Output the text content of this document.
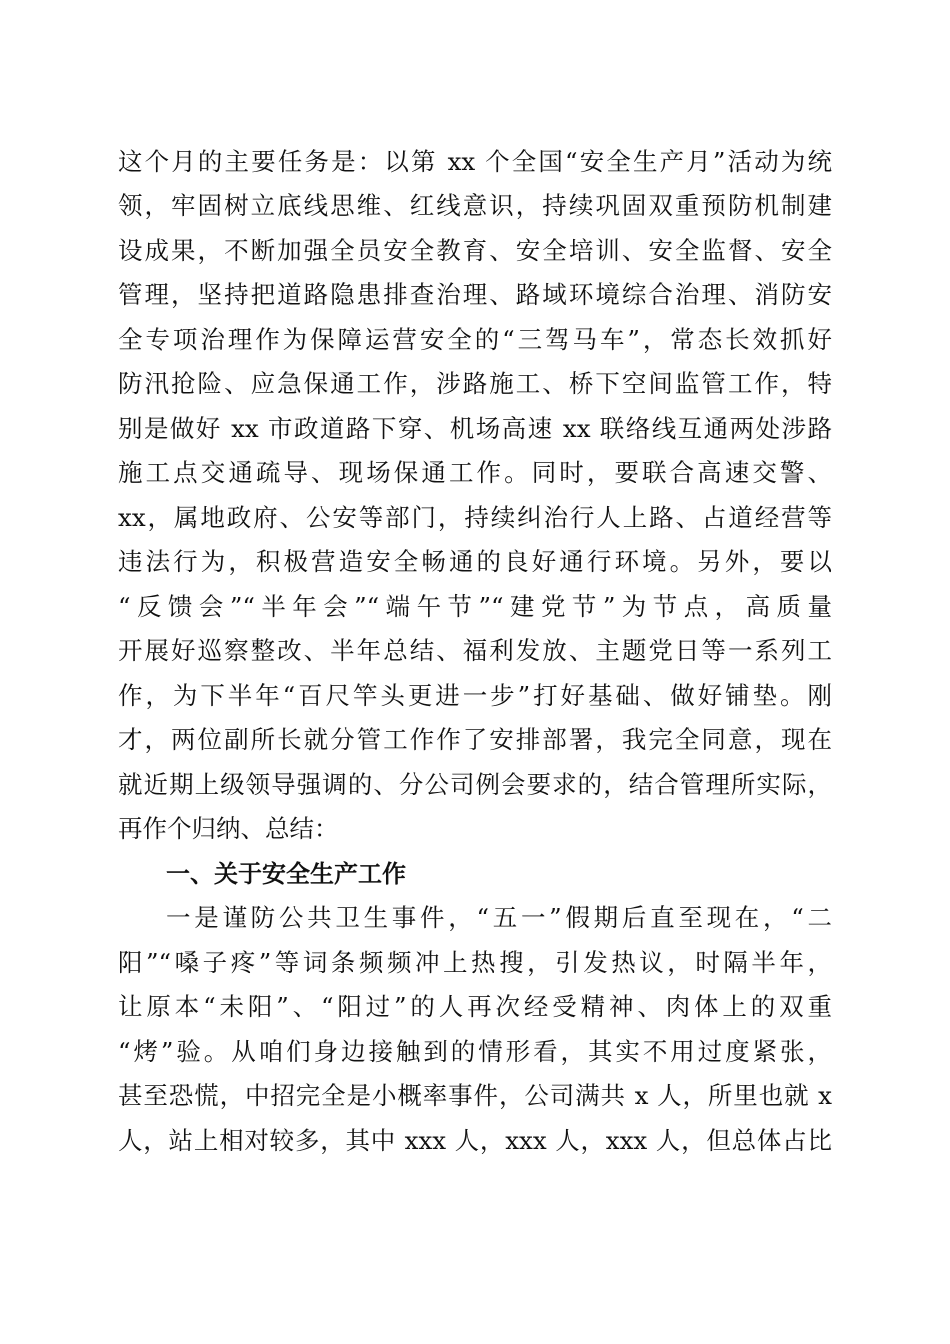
这个月的主要任务是：以第 xx 个全国“安全生产月”活动为统
领，牢固树立底线思维、红线意识，持续巩固双重预防机制建
设成果，不断加强全员安全教育、安全培训、安全监督、安全
管理，坚持把道路隐患排查治理、路域环境综合治理、消防安
全专项治理作为保障运营安全的“三驾马车”，常态长效抓好
防汛抢险、应急保通工作，涉路施工、桥下空间监管工作，特
别是做好 xx 市政道路下穿、机场高速 xx 联络线互通两处涉路
施工点交通疏导、现场保通工作。同时，要联合高速交警、
xx，属地政府、公安等部门，持续纠治行人上路、占道经营等
违法行为，积极营造安全畅通的良好通行环境。另外，要以
“反馈会”“半年会”“端午节”“建党节”为节点，高质量
开展好巡察整改、半年总结、福利发放、主题党日等一系列工
作，为下半年“百尺竿头更进一步”打好基础、做好铺垫。刚
才，两位副所长就分管工作作了安排部署，我完全同意，现在
就近期上级领导强调的、分公司例会要求的，结合管理所实际，
再作个归纳、总结：
一、关于安全生产工作
一是谨防公共卫生事件，“五一”假期后直至现在，“二
阳”“嗓子疼”等词条频频冲上热搜，引发热议，时隔半年，
让原本“未阳”、“阳过”的人再次经受精神、肉体上的双重
“烤”验。从咱们身边接触到的情形看，其实不用过度紧张，
甚至恐慌，中招完全是小概率事件，公司满共 x 人，所里也就 x
人，站上相对较多，其中 xxx 人，xxx 人，xxx 人，但总体占比
